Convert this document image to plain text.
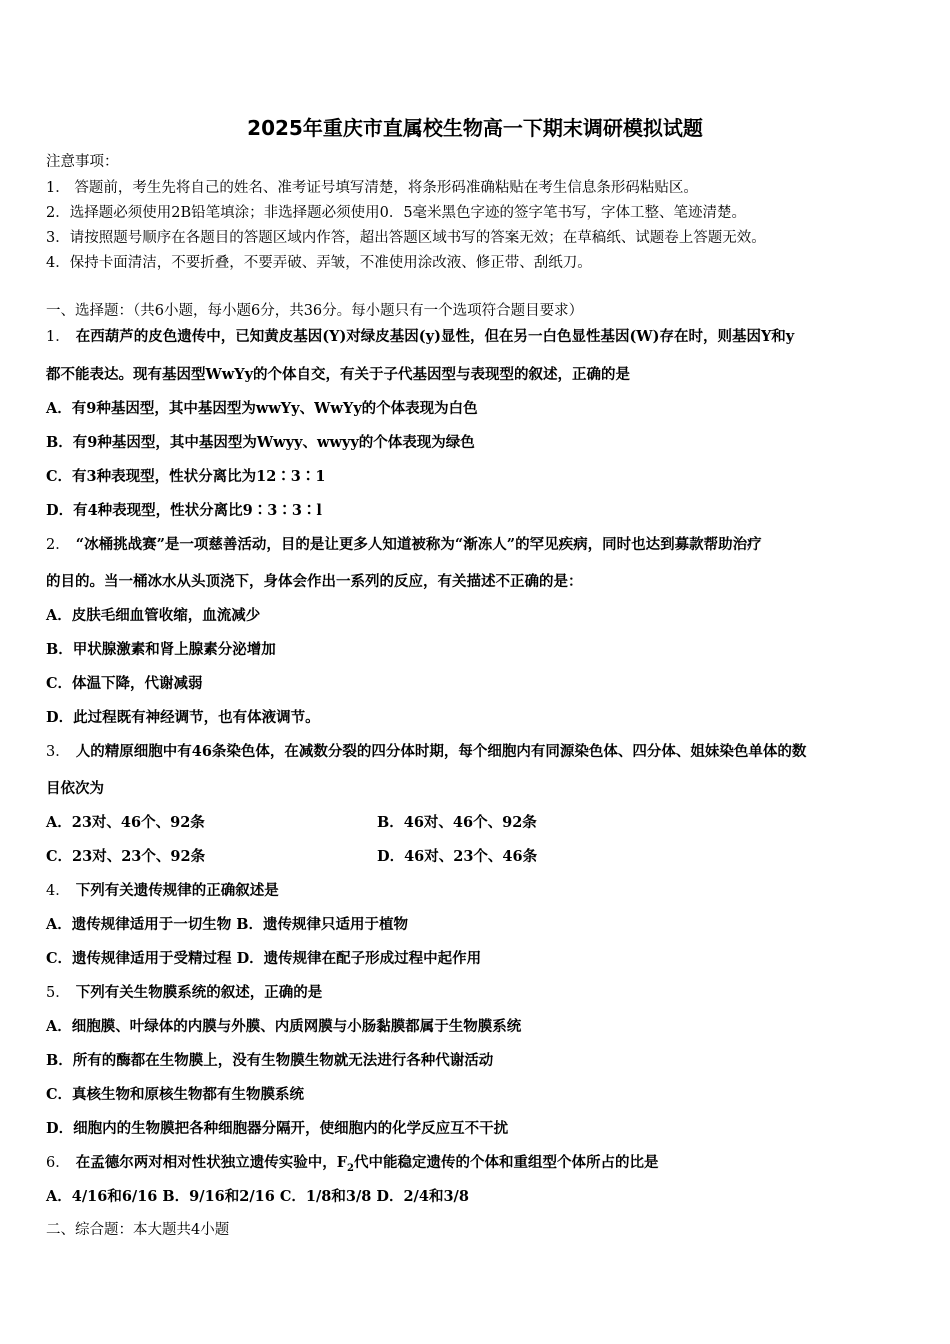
2025年重庆市直属校生物高一下期末调研模拟试题
注意事项：
1． 答题前，考生先将自己的姓名、准考证号填写清楚，将条形码准确粘贴在考生信息条形码粘贴区。
2．选择题必须使用2B铅笔填涂；非选择题必须使用0．5毫米黑色字迹的签字笔书写，字体工整、笔迹清楚。
3．请按照题号顺序在各题目的答题区域内作答，超出答题区域书写的答案无效；在草稿纸、试题卷上答题无效。
4．保持卡面清洁，不要折叠，不要弄破、弄皱，不准使用涂改液、修正带、刮纸刀。
一、选择题：（共6小题，每小题6分，共36分。每小题只有一个选项符合题目要求）
1． 在西葫芦的皮色遗传中，已知黄皮基因(Y)对绿皮基因(y)显性，但在另一白色显性基因(W)存在时，则基因Y和y
都不能表达。现有基因型WwYy的个体自交，有关于子代基因型与表现型的叙述，正确的是
A．有9种基因型，其中基因型为wwYy、WwYy的个体表现为白色
B．有9种基因型，其中基因型为Wwyy、wwyy的个体表现为绿色
C．有3种表现型，性状分离比为12∶3∶1
D．有4种表现型，性状分离比9∶3∶3∶l
2． “冰桶挑战赛”是一项慈善活动，目的是让更多人知道被称为“渐冻人”的罕见疾病，同时也达到募款帮助治疗
的目的。当一桶冰水从头顶浇下，身体会作出一系列的反应，有关描述不正确的是：
A．皮肤毛细血管收缩，血流减少
B．甲状腺激素和肾上腺素分泌增加
C．体温下降，代谢减弱
D．此过程既有神经调节，也有体液调节。
3． 人的精原细胞中有46条染色体，在减数分裂的四分体时期，每个细胞内有同源染色体、四分体、姐妹染色单体的数
目依次为
A．23对、46个、92条	B．46对、46个、92条
C．23对、23个、92条	D．46对、23个、46条
4． 下列有关遗传规律的正确叙述是
A．遗传规律适用于一切生物 B．遗传规律只适用于植物
C．遗传规律适用于受精过程 D．遗传规律在配子形成过程中起作用
5． 下列有关生物膜系统的叙述，正确的是
A．细胞膜、叶绿体的内膜与外膜、内质网膜与小肠黏膜都属于生物膜系统
B．所有的酶都在生物膜上，没有生物膜生物就无法进行各种代谢活动
C．真核生物和原核生物都有生物膜系统
D．细胞内的生物膜把各种细胞器分隔开，使细胞内的化学反应互不干扰
6． 在孟德尔两对相对性状独立遗传实验中，$F_2$代中能稳定遗传的个体和重组型个体所占的比是
A．4/16和6/16 B．9/16和2/16 C．1/8和3/8 D．2/4和3/8
二、综合题：本大题共4小题
